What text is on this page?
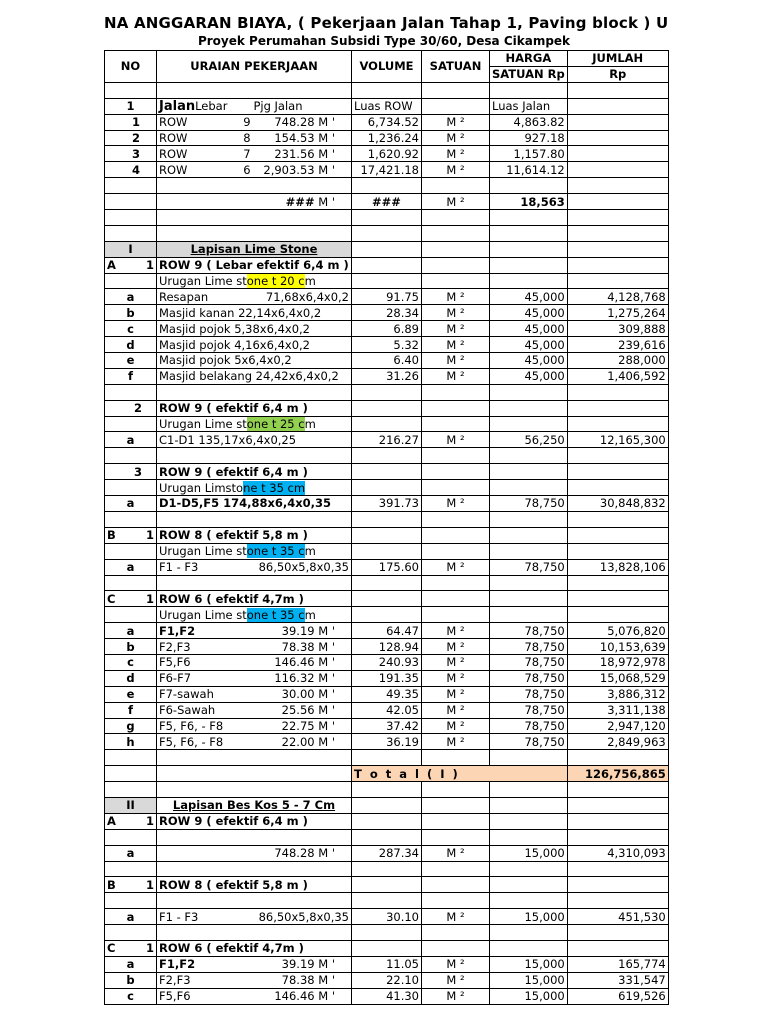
NA ANGGARAN BIAYA, ( Pekerjaan Jalan Tahap 1, Paving block ) U
Proyek Perumahan Subsidi Type 30/60, Desa Cikampek
NO	URAIAN PEKERJAAN	VOLUME	SATUAN	HARGA	JUMLAH
				SATUAN Rp	Rp

1	JalanLebar Pjg Jalan	Luas ROW		Luas Jalan	

1	ROW 9 748.28 M '	6,734.52	M ²	4,863.82	

2	ROW 8 154.53 M '	1,236.24	M ²	927.18	

3	ROW 7 231.56 M '	1,620.92	M ²	1,157.80	

4	ROW 6 2,903.53 M '	17,421.18	M ²	11,614.12	

	### M '	###	M ²	18,563	

I	Lapisan Lime Stone				

A 1	ROW 9 ( Lebar efektif 6,4 m )				
	Urugan Lime stone t 20 cm				
a	Resapan 71,68x6,4x0,2	91.75	M ²	45,000	4,128,768
b	Masjid kanan 22,14x6,4x0,2	28.34	M ²	45,000	1,275,264
c	Masjid pojok 5,38x6,4x0,2	6.89	M ²	45,000	309,888
d	Masjid pojok 4,16x6,4x0,2	5.32	M ²	45,000	239,616
e	Masjid pojok 5x6,4x0,2	6.40	M ²	45,000	288,000
f	Masjid belakang 24,42x6,4x0,2	31.26	M ²	45,000	1,406,592

2	ROW 9 ( efektif 6,4 m )				
	Urugan Lime stone t 25 cm				
a	C1-D1 135,17x6,4x0,25	216.27	M ²	56,250	12,165,300

3	ROW 9 ( efektif 6,4 m )				
	Urugan Limstone t 35 cm				
a	D1-D5,F5 174,88x6,4x0,35	391.73	M ²	78,750	30,848,832

B 1	ROW 8 ( efektif 5,8 m )				
	Urugan Lime stone t 35 cm				
a	F1 - F3 86,50x5,8x0,35	175.60	M ²	78,750	13,828,106

C 1	ROW 6 ( efektif 4,7m )				
	Urugan Lime stone t 35 cm				
a	F1,F2 39.19 M '	64.47	M ²	78,750	5,076,820
b	F2,F3 78.38 M '	128.94	M ²	78,750	10,153,639
c	F5,F6 146.46 M '	240.93	M ²	78,750	18,972,978
d	F6-F7 116.32 M '	191.35	M ²	78,750	15,068,529
e	F7-sawah 30.00 M '	49.35	M ²	78,750	3,886,312
f	F6-Sawah 25.56 M '	42.05	M ²	78,750	3,311,138
g	F5, F6, - F8 22.75 M '	37.42	M ²	78,750	2,947,120
h	F5, F6, - F8 22.00 M '	36.19	M ²	78,750	2,849,963

		T o t a l ( I )			126,756,865

II	Lapisan Bes Kos 5 - 7 Cm				

A 1	ROW 9 ( efektif 6,4 m )				

a	748.28 M '	287.34	M ²	15,000	4,310,093

B 1	ROW 8 ( efektif 5,8 m )				

a	F1 - F3 86,50x5,8x0,35	30.10	M ²	15,000	451,530

C 1	ROW 6 ( efektif 4,7m )				
a	F1,F2 39.19 M '	11.05	M ²	15,000	165,774
b	F2,F3 78.38 M '	22.10	M ²	15,000	331,547
c	F5,F6 146.46 M '	41.30	M ²	15,000	619,526
